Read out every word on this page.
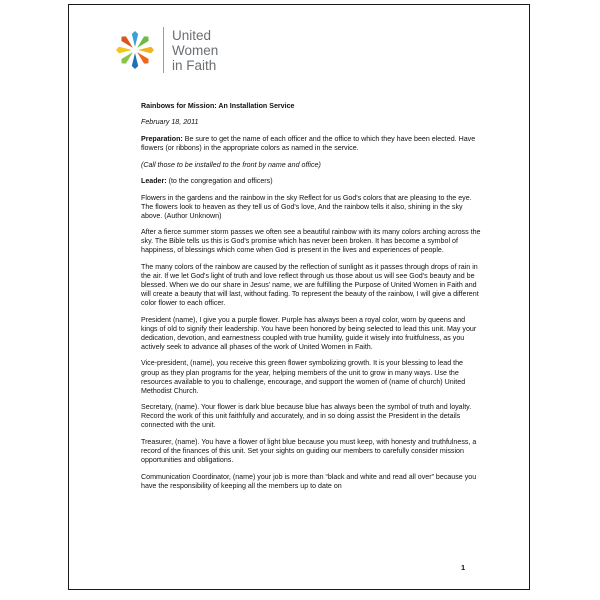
United
Women
in Faith

Rainbows for Mission: An Installation Service

February 18, 2011

Preparation: Be sure to get the name of each officer and the office to which they have been elected. Have flowers (or ribbons) in the appropriate colors as named in the service.

(Call those to be installed to the front by name and office)

Leader: (to the congregation and officers)

Flowers in the gardens and the rainbow in the sky Reflect for us God's colors that are pleasing to the eye. The flowers look to heaven as they tell us of God's love, And the rainbow tells it also, shining in the sky above. (Author Unknown)

After a fierce summer storm passes we often see a beautiful rainbow with its many colors arching across the sky. The Bible tells us this is God's promise which has never been broken. It has become a symbol of happiness, of blessings which come when God is present in the lives and experiences of people.

The many colors of the rainbow are caused by the reflection of sunlight as it passes through drops of rain in the air. If we let God's light of truth and love reflect through us those about us will see God's beauty and be blessed. When we do our share in Jesus' name, we are fulfilling the Purpose of United Women in Faith and will create a beauty that will last, without fading. To represent the beauty of the rainbow, I will give a different color flower to each officer.

President (name), I give you a purple flower. Purple has always been a royal color, worn by queens and kings of old to signify their leadership. You have been honored by being selected to lead this unit. May your dedication, devotion, and earnestness coupled with true humility, guide it wisely into fruitfulness, as you actively seek to advance all phases of the work of United Women in Faith.

Vice-president, (name), you receive this green flower symbolizing growth. It is your blessing to lead the group as they plan programs for the year, helping members of the unit to grow in many ways. Use the resources available to you to challenge, encourage, and support the women of (name of church) United Methodist Church.

Secretary, (name). Your flower is dark blue because blue has always been the symbol of truth and loyalty. Record the work of this unit faithfully and accurately, and in so doing assist the President in the details connected with the unit.

Treasurer, (name). You have a flower of light blue because you must keep, with honesty and truthfulness, a record of the finances of this unit. Set your sights on guiding our members to carefully consider mission opportunities and obligations.

Communication Coordinator, (name) your job is more than “black and white and read all over” because you have the responsibility of keeping all the members up to date on

1
